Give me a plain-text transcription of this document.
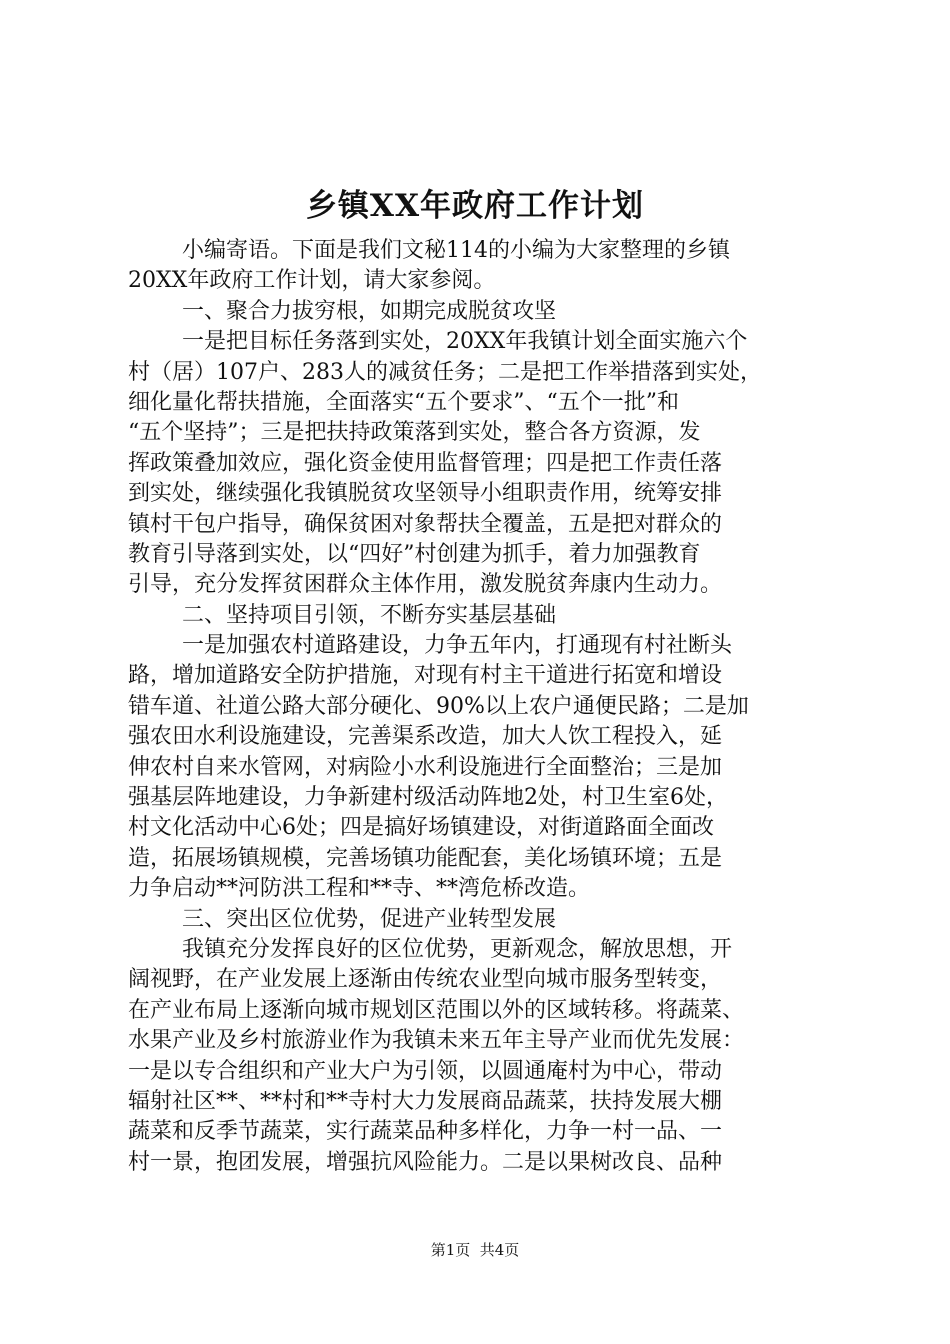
乡镇XX年政府工作计划
小编寄语。下面是我们文秘114的小编为大家整理的乡镇
20XX年政府工作计划，请大家参阅。
一、聚合力拔穷根，如期完成脱贫攻坚
一是把目标任务落到实处，20XX年我镇计划全面实施六个
村（居）107户、283人的减贫任务；二是把工作举措落到实处，
细化量化帮扶措施，全面落实“五个要求”、“五个一批”和
“五个坚持”；三是把扶持政策落到实处，整合各方资源，发
挥政策叠加效应，强化资金使用监督管理；四是把工作责任落
到实处，继续强化我镇脱贫攻坚领导小组职责作用，统筹安排
镇村干包户指导，确保贫困对象帮扶全覆盖，五是把对群众的
教育引导落到实处，以“四好”村创建为抓手，着力加强教育
引导，充分发挥贫困群众主体作用，激发脱贫奔康内生动力。
二、坚持项目引领，不断夯实基层基础
一是加强农村道路建设，力争五年内，打通现有村社断头
路，增加道路安全防护措施，对现有村主干道进行拓宽和增设
错车道、社道公路大部分硬化、90%以上农户通便民路；二是加
强农田水利设施建设，完善渠系改造，加大人饮工程投入，延
伸农村自来水管网，对病险小水利设施进行全面整治；三是加
强基层阵地建设，力争新建村级活动阵地2处，村卫生室6处，
村文化活动中心6处；四是搞好场镇建设，对街道路面全面改
造，拓展场镇规模，完善场镇功能配套，美化场镇环境；五是
力争启动**河防洪工程和**寺、**湾危桥改造。
三、突出区位优势，促进产业转型发展
我镇充分发挥良好的区位优势，更新观念，解放思想，开
阔视野，在产业发展上逐渐由传统农业型向城市服务型转变，
在产业布局上逐渐向城市规划区范围以外的区域转移。将蔬菜、
水果产业及乡村旅游业作为我镇未来五年主导产业而优先发展：
一是以专合组织和产业大户为引领，以圆通庵村为中心，带动
辐射社区**、**村和**寺村大力发展商品蔬菜，扶持发展大棚
蔬菜和反季节蔬菜，实行蔬菜品种多样化，力争一村一品、一
村一景，抱团发展，增强抗风险能力。二是以果树改良、品种
第1页  共4页
